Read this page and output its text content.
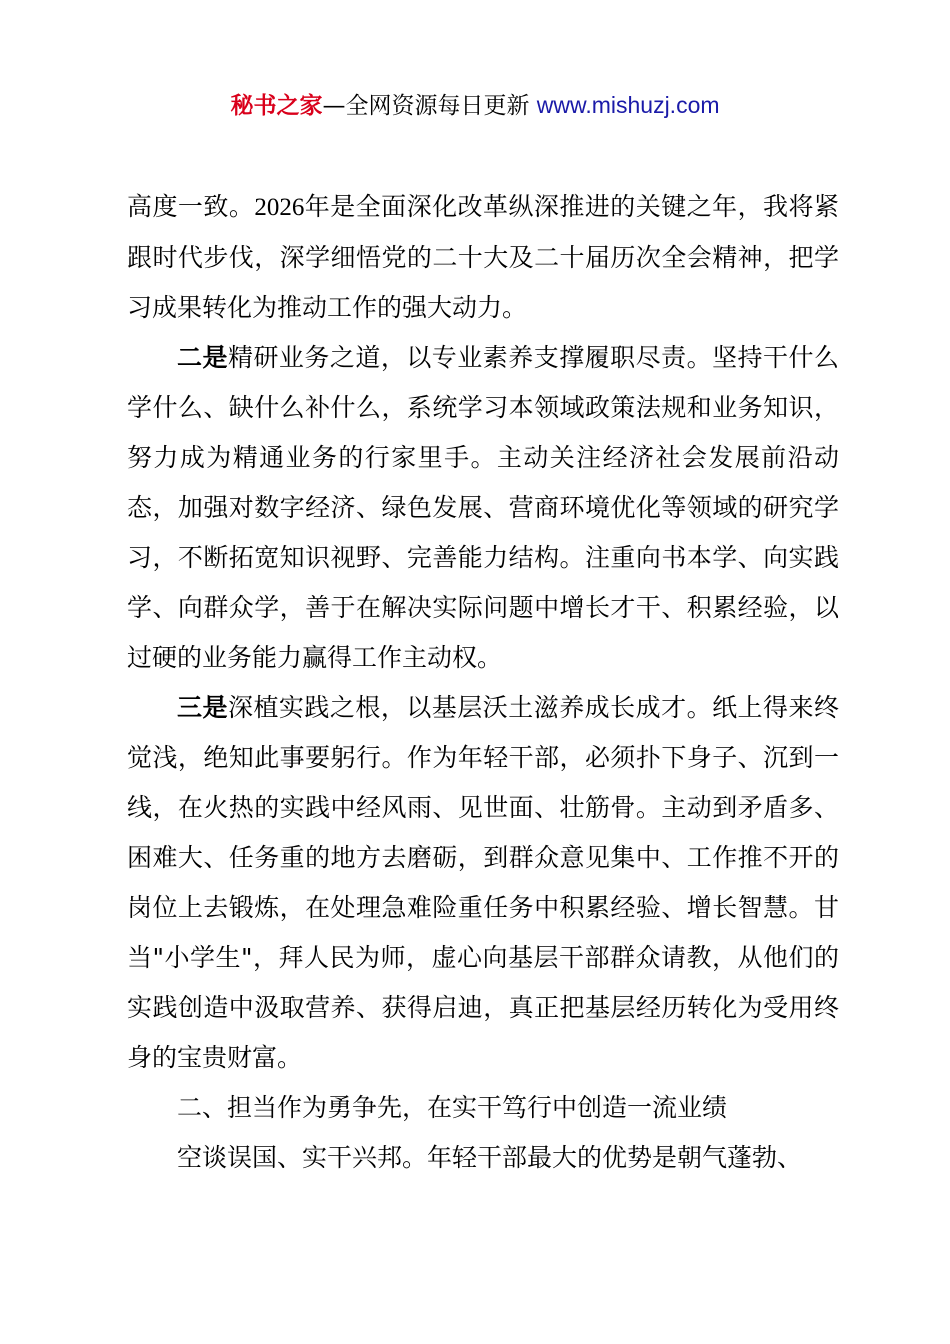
秘书之家—全网资源每日更新 www.mishuzj.com

高度一致。2026年是全面深化改革纵深推进的关键之年，我将紧跟时代步伐，深学细悟党的二十大及二十届历次全会精神，把学习成果转化为推动工作的强大动力。

二是精研业务之道，以专业素养支撑履职尽责。坚持干什么学什么、缺什么补什么，系统学习本领域政策法规和业务知识，努力成为精通业务的行家里手。主动关注经济社会发展前沿动态，加强对数字经济、绿色发展、营商环境优化等领域的研究学习，不断拓宽知识视野、完善能力结构。注重向书本学、向实践学、向群众学，善于在解决实际问题中增长才干、积累经验，以过硬的业务能力赢得工作主动权。

三是深植实践之根，以基层沃土滋养成长成才。纸上得来终觉浅，绝知此事要躬行。作为年轻干部，必须扑下身子、沉到一线，在火热的实践中经风雨、见世面、壮筋骨。主动到矛盾多、困难大、任务重的地方去磨砺，到群众意见集中、工作推不开的岗位上去锻炼，在处理急难险重任务中积累经验、增长智慧。甘当"小学生"，拜人民为师，虚心向基层干部群众请教，从他们的实践创造中汲取营养、获得启迪，真正把基层经历转化为受用终身的宝贵财富。

二、担当作为勇争先，在实干笃行中创造一流业绩

空谈误国、实干兴邦。年轻干部最大的优势是朝气蓬勃、
